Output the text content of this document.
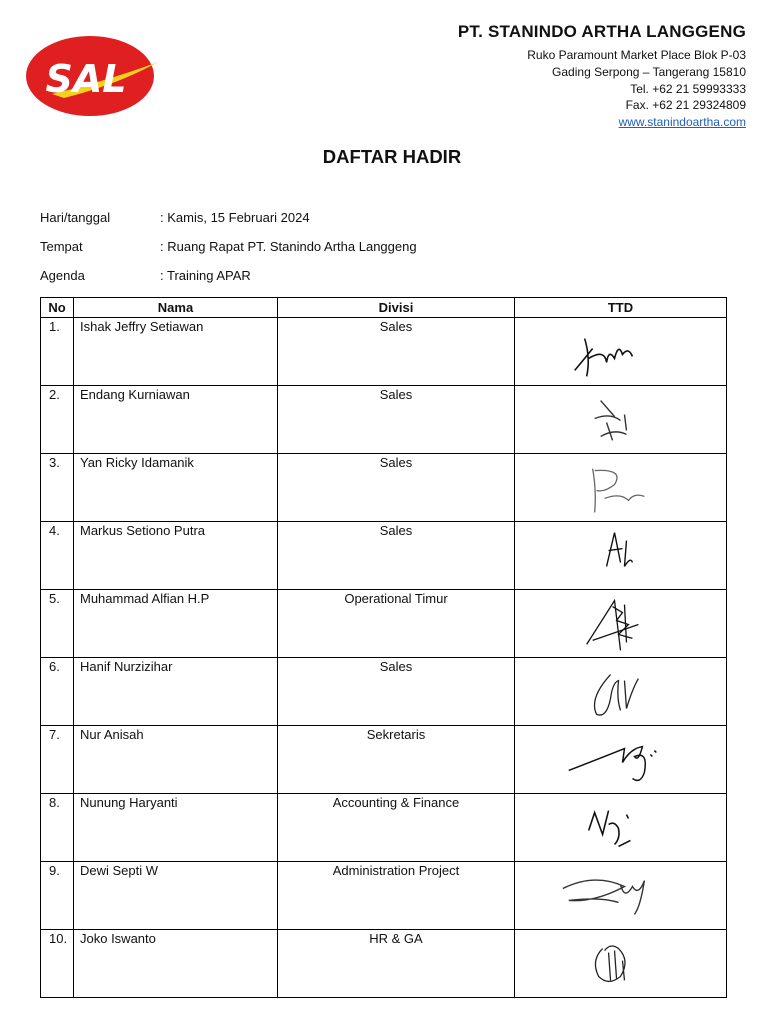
SAL
PT. STANINDO ARTHA LANGGENG
Ruko Paramount Market Place Blok P-03
Gading Serpong – Tangerang 15810
Tel. +62 21 59993333
Fax. +62 21 29324809
www.stanindoartha.com
DAFTAR HADIR
Hari/tanggal	: Kamis, 15 Februari 2024
Tempat	: Ruang Rapat PT. Stanindo Artha Langgeng
Agenda	: Training APAR
No	Nama	Divisi	TTD
1.	Ishak Jeffry Setiawan	Sales	

2.	Endang Kurniawan	Sales	

3.	Yan Ricky Idamanik	Sales	

4.	Markus Setiono Putra	Sales	

5.	Muhammad Alfian H.P	Operational Timur	

6.	Hanif Nurzizihar	Sales	

7.	Nur Anisah	Sekretaris	

8.	Nunung Haryanti	Accounting & Finance	

9.	Dewi Septi W	Administration Project	

10.	Joko Iswanto	HR & GA	
